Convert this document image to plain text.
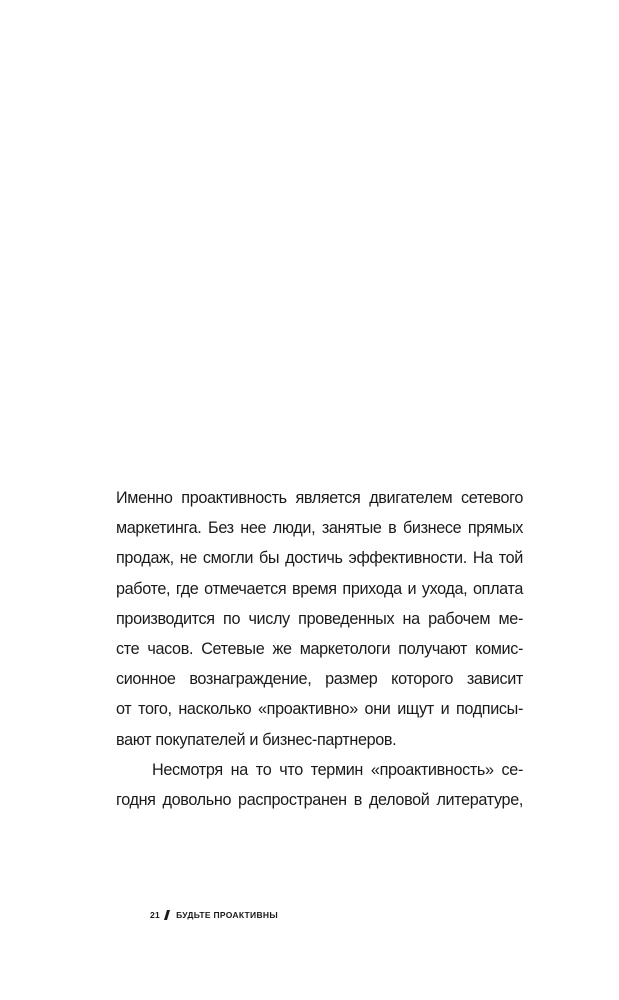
Именно проактивность является двигателем сетевого
маркетинга. Без нее люди, занятые в бизнесе прямых
продаж, не смогли бы достичь эффективности. На той
работе, где отмечается время прихода и ухода, оплата
производится по числу проведенных на рабочем ме-
сте часов. Сетевые же маркетологи получают комис-
сионное вознаграждение, размер которого зависит
от того, насколько «проактивно» они ищут и подписы-
вают покупателей и бизнес-партнеров.
Несмотря на то что термин «проактивность» се-
годня довольно распространен в деловой литературе,
21 БУДЬТЕ ПРОАКТИВНЫ
